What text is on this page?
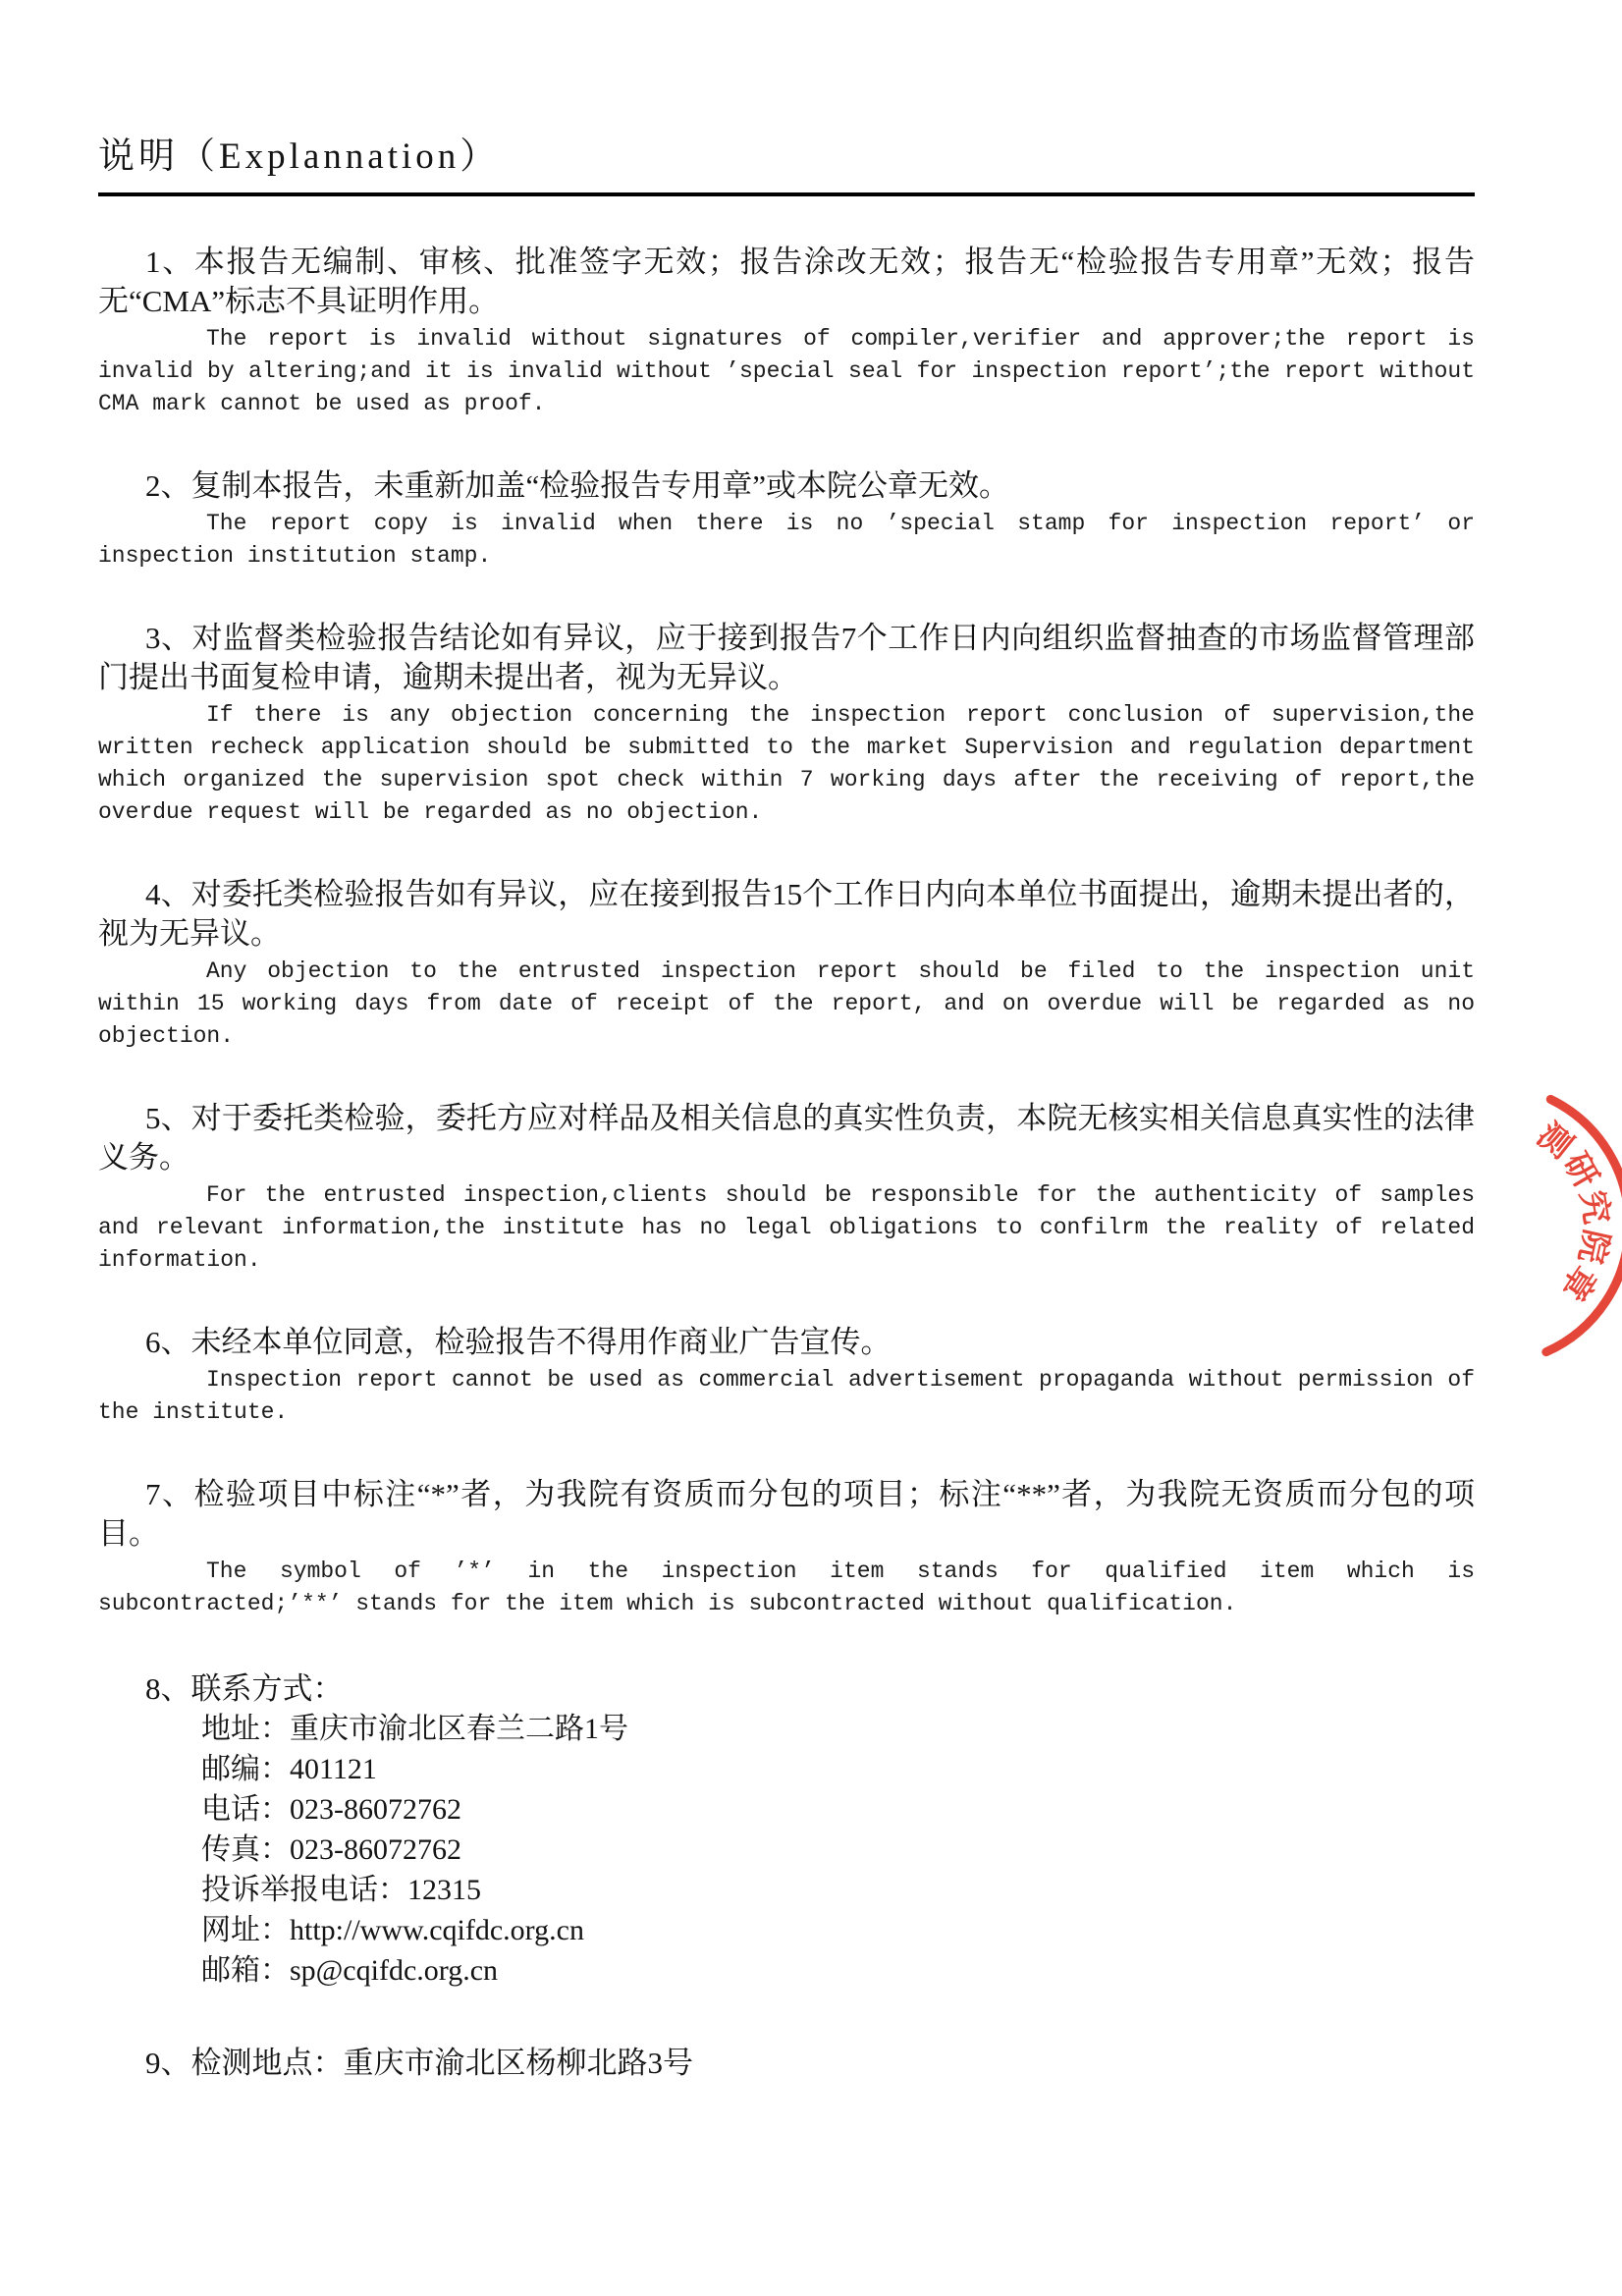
说明（Explannation）

1、本报告无编制、审核、批准签字无效；报告涂改无效；报告无“检验报告专用章”无效；报告无“CMA”标志不具证明作用。

The report is invalid without signatures of compiler,verifier and approver;the report is invalid by altering;and it is invalid without ’special seal for inspection report’;the report without CMA mark cannot be used as proof.

2、复制本报告，未重新加盖“检验报告专用章”或本院公章无效。

The report copy is invalid when there is no ’special stamp for inspection report’ or inspection institution stamp.

3、对监督类检验报告结论如有异议，应于接到报告7个工作日内向组织监督抽查的市场监督管理部门提出书面复检申请，逾期未提出者，视为无异议。

If there is any objection concerning the inspection report conclusion of supervision,the written recheck application should be submitted to the market Supervision and regulation department which organized the supervision spot check within 7 working days after the receiving of report,the overdue request will be regarded as no objection.

4、对委托类检验报告如有异议，应在接到报告15个工作日内向本单位书面提出，逾期未提出者的，视为无异议。

Any objection to the entrusted inspection report should be filed to the inspection unit within 15 working days from date of receipt of the report, and on overdue will be regarded as no objection.

5、对于委托类检验，委托方应对样品及相关信息的真实性负责，本院无核实相关信息真实性的法律义务。

For the entrusted inspection,clients should be responsible for the authenticity of samples and relevant information,the institute has no legal obligations to confilrm the reality of related information.

6、未经本单位同意，检验报告不得用作商业广告宣传。

Inspection report cannot be used as commercial advertisement propaganda without permission of the institute.

7、检验项目中标注“*”者，为我院有资质而分包的项目；标注“**”者，为我院无资质而分包的项目。

The symbol of ’*’ in the inspection item stands for qualified item which is subcontracted;’**’ stands for the item which is subcontracted without qualification.

8、联系方式：

地址：重庆市渝北区春兰二路1号
邮编：401121
电话：023-86072762
传真：023-86072762
投诉举报电话：12315
网址：http://www.cqifdc.org.cn
邮箱：sp@cqifdc.org.cn

9、检测地点：重庆市渝北区杨柳北路3号

测研究院章
